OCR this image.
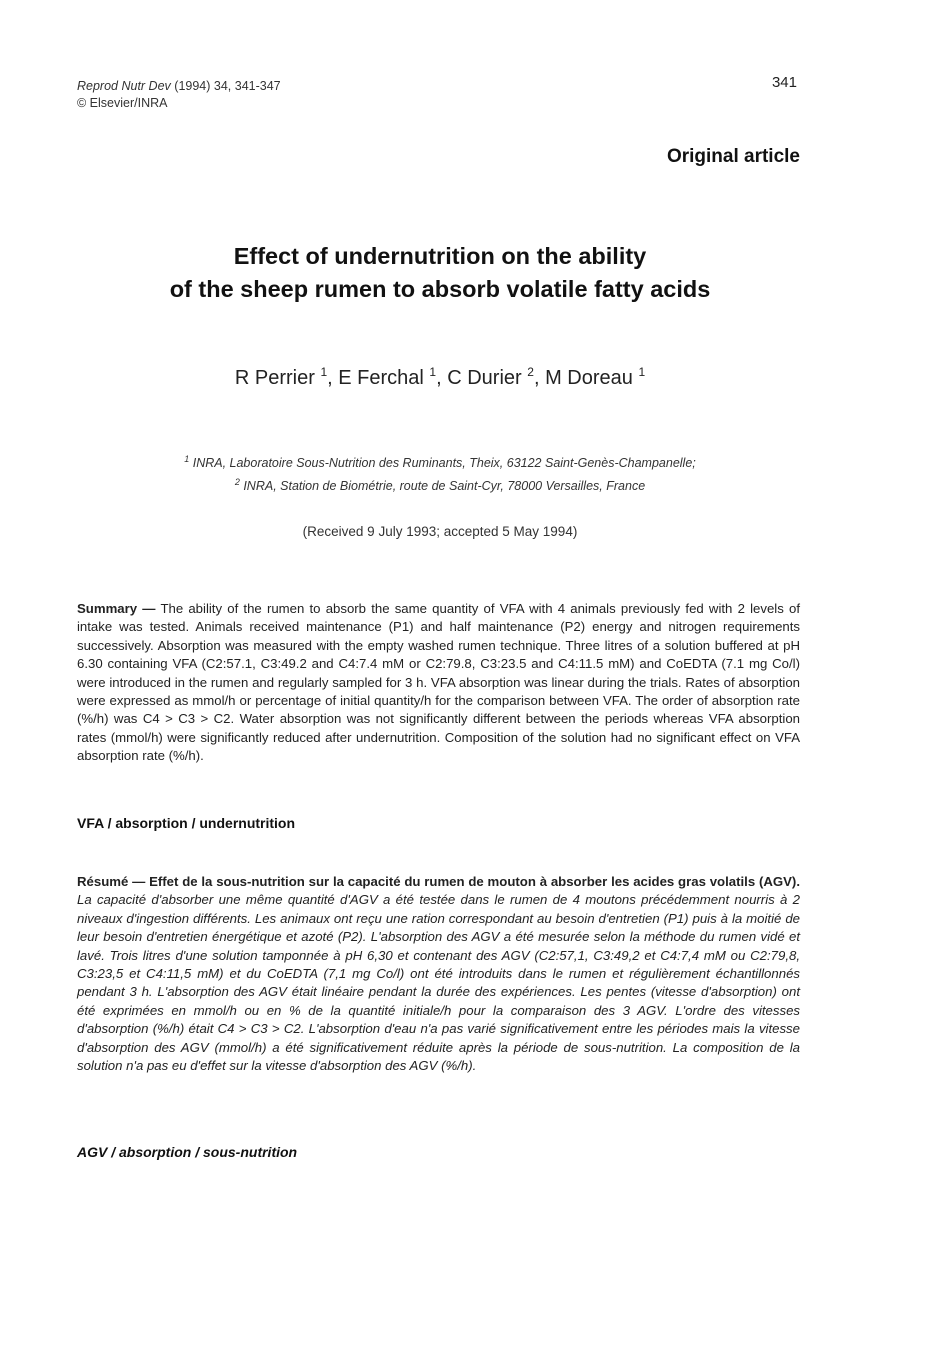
Reprod Nutr Dev (1994) 34, 341-347
© Elsevier/INRA
341
Original article
Effect of undernutrition on the ability
of the sheep rumen to absorb volatile fatty acids
R Perrier $^1$, E Ferchal $^1$, C Durier $^2$, M Doreau $^1$
$^1$ INRA, Laboratoire Sous-Nutrition des Ruminants, Theix, 63122 Saint-Genès-Champanelle;
$^2$ INRA, Station de Biométrie, route de Saint-Cyr, 78000 Versailles, France
(Received 9 July 1993; accepted 5 May 1994)

Summary — The ability of the rumen to absorb the same quantity of VFA with 4 animals previously fed with 2 levels of intake was tested. Animals received maintenance (P1) and half maintenance (P2) energy and nitrogen requirements successively. Absorption was measured with the empty washed rumen technique. Three litres of a solution buffered at pH 6.30 containing VFA (C2:57.1, C3:49.2 and C4:7.4 mM or C2:79.8, C3:23.5 and C4:11.5 mM) and CoEDTA (7.1 mg Co/l) were introduced in the rumen and regularly sampled for 3 h. VFA absorption was linear during the trials. Rates of absorption were expressed as mmol/h or percentage of initial quantity/h for the comparison between VFA. The order of absorption rate (%/h) was C4 > C3 > C2. Water absorption was not significantly different between the periods whereas VFA absorption rates (mmol/h) were significantly reduced after undernutrition. Composition of the solution had no significant effect on VFA absorption rate (%/h).

VFA / absorption / undernutrition

Résumé — Effet de la sous-nutrition sur la capacité du rumen de mouton à absorber les acides gras volatils (AGV). La capacité d'absorber une même quantité d'AGV a été testée dans le rumen de 4 moutons précédemment nourris à 2 niveaux d'ingestion différents. Les animaux ont reçu une ration correspondant au besoin d'entretien (P1) puis à la moitié de leur besoin d'entretien énergétique et azoté (P2). L'absorption des AGV a été mesurée selon la méthode du rumen vidé et lavé. Trois litres d'une solution tamponnée à pH 6,30 et contenant des AGV (C2:57,1, C3:49,2 et C4:7,4 mM ou C2:79,8, C3:23,5 et C4:11,5 mM) et du CoEDTA (7,1 mg Co/l) ont été introduits dans le rumen et régulièrement échantillonnés pendant 3 h. L'absorption des AGV était linéaire pendant la durée des expériences. Les pentes (vitesse d'absorption) ont été exprimées en mmol/h ou en % de la quantité initiale/h pour la comparaison des 3 AGV. L'ordre des vitesses d'absorption (%/h) était C4 > C3 > C2. L'absorption d'eau n'a pas varié significativement entre les périodes mais la vitesse d'absorption des AGV (mmol/h) a été significativement réduite après la période de sous-nutrition. La composition de la solution n'a pas eu d'effet sur la vitesse d'absorption des AGV (%/h).

AGV / absorption / sous-nutrition
